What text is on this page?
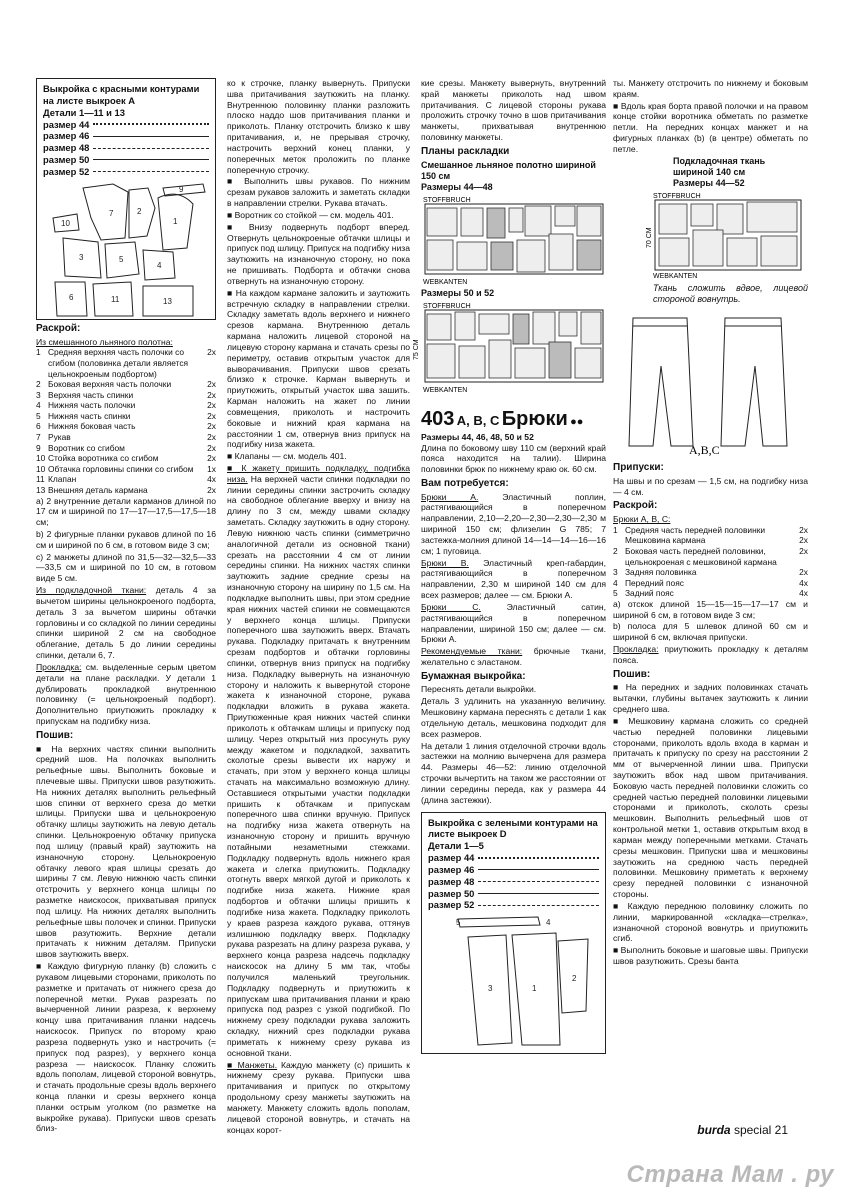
Выкройка с красными контурами на листе выкроек A
Детали 1—11 и 13
размер 44
размер 46
размер 48
размер 50
размер 52
7	2
1
3	5
4
10
6	11	13
9
Раскрой:
Из смешанного льняного полотна:
1	Средняя верхняя часть полочки со сгибом (половинка детали является цельнокроеным подбортом)	2x
2	Боковая верхняя часть полочки	2x
3	Верхняя часть спинки	2x
4	Нижняя часть полочки	2x
5	Нижняя часть спинки	2x
6	Нижняя боковая часть	2x
7	Рукав	2x
9	Воротник со сгибом	2x
10	Стойка воротника со сгибом	2x
10	Обтачка горловины спинки со сгибом	1x
11	Клапан	4x
13	Внешняя деталь кармана	2x

а) 2 внутренние детали карманов длиной по 17 см и шириной по 17—17—17,5—17,5—18 см;

b) 2 фигурные планки рукавов длиной по 16 см и шириной по 6 см, в готовом виде 3 см;

c) 2 манжеты длиной по 31,5—32—32,5—33—33,5 см и шириной по 10 см, в готовом виде 5 см.

Из подкладочной ткани: деталь 4 за вычетом ширины цельнокроеного подборта, деталь 3 за вычетом ширины обтачки горловины и со складкой по линии середины спинки шириной 2 см на свободное облегание, деталь 5 до линии середины спинки, детали 6, 7.

Прокладка: см. выделенные серым цветом детали на плане раскладки. У детали 1 дублировать прокладкой внутреннюю половинку (= цельнокроеный подборт). Дополнительно приутюжить прокладку к припускам на подгибку низа.

Пошив:

■ На верхних частях спинки выполнить средний шов. На полочках выполнить рельефные швы. Выполнить боковые и плечевые швы. Припуски швов разутюжить. На нижних деталях выполнить рельефный шов спинки от верхнего среза до метки шлицы. Припуски шва и цельнокроеную обтачку шлицы заутюжить на левую деталь спинки. Цельнокроеную обтачку припуска под шлицу (правый край) заутюжить на изнаночную сторону. Цельнокроеную обтачку левого края шлицы срезать до ширины 7 см. Левую нижнюю часть спинки отстрочить у верхнего конца шлицы по разметке наискосок, прихватывая припуск под шлицу. На нижних деталях выполнить рельефные швы полочек и спинки. Припуски швов разутюжить. Верхние детали притачать к нижним деталям. Припуски швов заутюжить вверх.

■ Каждую фигурную планку (b) сложить с рукавом лицевыми сторонами, приколоть по разметке и притачать от нижнего среза до поперечной метки. Рукав разрезать по вычерченной линии разреза, к верхнему концу шва притачивания планки надсечь наискосок. Припуск по второму краю разреза подвернуть узко и настрочить (= припуск под разрез), у верхнего конца разреза — наискосок. Планку сложить вдоль пополам, лицевой стороной вовнутрь, и стачать продольные срезы вдоль верхнего конца планки и срезы верхнего конца планки острым уголком (по разметке на выкройке рукава). Припуски швов срезать близ-

ко к строчке, планку вывернуть. Припуски шва притачивания заутюжить на планку. Внутреннюю половинку планки разложить плоско наддо шов притачивания планки и приколоть. Планку отстрочить близко к шву притачивания, и, не прерывая строчку, настрочить верхний конец планки, у поперечных меток проложить по планке поперечную строчку.

■ Выполнить швы рукавов. По нижним срезам рукавов заложить и заметать складки в направлении стрелки. Рукава втачать.

■ Воротник со стойкой — см. модель 401.

■ Внизу подвернуть подборт вперед. Отвернуть цельнокроеные обтачки шлицы и припуск под шлицу. Припуск на подгибку низа заутюжить на изнаночную сторону, но пока не пришивать. Подборта и обтачки снова отвернуть на изнаночную сторону.

■ На каждом кармане заложить и заутюжить встречную складку в направлении стрелки. Складку заметать вдоль верхнего и нижнего срезов кармана. Внутреннюю деталь кармана наложить лицевой стороной на лицевую сторону кармана и стачать срезы по периметру, оставив открытым участок для выворачивания. Припуски швов срезать близко к строчке. Карман вывернуть и приутюжить, открытый участок шва зашить. Карман наложить на жакет по линии совмещения, приколоть и настрочить боковые и нижний края кармана на расстоянии 1 см, отвернув вниз припуск на подгибку низа жакета.

■ Клапаны — см. модель 401.

■ К жакету пришить подкладку, подгибка низа. На верхней части спинки подкладки по линии середины спинки застрочить складку на свободное облегание вверху и внизу на длину по 3 см, между швами складку заметать. Складку заутюжить в одну сторону. Левую нижнюю часть спинки (симметрично аналогичной детали из основной ткани) срезать на расстоянии 4 см от линии середины спинки. На нижних частях спинки заутюжить задние средние срезы на изнаночную сторону на ширину по 1,5 см. На подкладке выполнить швы, при этом средние края нижних частей спинки не совмещаются у верхнего конца шлицы. Припуски поперечного шва заутюжить вверх. Втачать рукава. Подкладку притачать к внутренним срезам подбортов и обтачки горловины спинки, отвернув вниз припуск на подгибку низа. Подкладку вывернуть на изнаночную сторону и наложить к вывернутой стороне жакета к изнаночной стороне, рукава подкладки вложить в рукава жакета. Приутюженные края нижних частей спинки приколоть к обтачкам шлицы и припуску под шлицу. Через открытый низ просунуть руку между жакетом и подкладкой, захватить сколотые срезы вывести их наружу и стачать, при этом у верхнего конца шлицы стачать на максимально возможную длину. Оставшиеся открытыми участки подкладки пришить к обтачкам и припускам поперечного шва спинки вручную. Припуск на подгибку низа жакета отвернуть на изнаночную сторону и пришить вручную потайными незаметными стежками. Подкладку подвернуть вдоль нижнего края жакета и слегка приутюжить. Подкладку отогнуть вверх мягкой дугой и приколоть к подгибке низа жакета. Нижние края подбортов и обтачки шлицы пришить к подгибке низа жакета. Подкладку приколоть у краев разреза каждого рукава, оттянув излишнюю подкладку вверх. Подкладку рукава разрезать на длину разреза рукава, у верхнего конца разреза надсечь подкладку наискосок на длину 5 мм так, чтобы получился маленький треугольник. Подкладку подвернуть и приутюжить к припускам шва притачивания планки и краю припуска под разрез с узкой подгибкой. По нижнему срезу подкладки рукава заложить складку, нижний срез подкладки рукава приметать к нижнему срезу рукава из основной ткани.

■ Манжеты. Каждую манжету (c) пришить к нижнему срезу рукава. Припуски шва притачивания и припуск по открытому продольному срезу манжеты заутюжить на манжету. Манжету сложить вдоль пополам, лицевой стороной вовнутрь, и стачать на концах корот-

кие срезы. Манжету вывернуть, внутренний край манжеты приколоть над швом притачивания. С лицевой стороны рукава проложить строчку точно в шов притачивания манжеты, прихватывая внутреннюю половинку манжеты.

Планы раскладки
Смешанное льняное полотно шириной 150 см
Размеры 44—48
STOFFBRUCH
WEBKANTEN
Размеры 50 и 52
STOFFBRUCH
WEBKANTEN
75 CM
403 A, B, C Брюки ●●
Размеры 44, 46, 48, 50 и 52

Длина по боковому шву 110 см (верхний край пояса находится на талии). Ширина половинки брюк по нижнему краю ок. 60 см.

Вам потребуется:

Брюки A. Эластичный поплин, растягивающийся в поперечном направлении, 2,10—2,20—2,30—2,30—2,30 м шириной 150 см; флизелин G 785; 7 застежка-молния длиной 14—14—14—16—16 см; 1 пуговица.

Брюки B. Эластичный креп-габардин, растягивающийся в поперечном направлении, 2,30 м шириной 140 см для всех размеров; далее — см. Брюки A.

Брюки C. Эластичный сатин, растягивающийся в поперечном направлении, шириной 150 см; далее — см. Брюки A.

Рекомендуемые ткани: брючные ткани, желательно с эластаном.

Бумажная выкройка:

Переснять детали выкройки.

Деталь 3 удлинить на указанную величину. Мешковину кармана переснять с детали 1 как отдельную деталь, мешковина подходит для всех размеров.

На детали 1 линия отделочной строчки вдоль застежки на молнию вычерчена для размера 44. Размеры 46—52: линию отделочной строчки вычертить на таком же расстоянии от линии середины переда, как у размера 44 (длина застежки).

Выкройка с зелеными контурами на листе выкроек D
Детали 1—5
размер 44
размер 46
размер 48
размер 50
размер 52
5
3	1
2
4

ты. Манжету отстрочить по нижнему и боковым краям.

■ Вдоль края борта правой полочки и на правом конце стойки воротника обметать по разметке петли. На передних концах манжет и на фигурных планках (b) (в центре) обметать по петле.

Подкладочная ткань шириной 140 см
Размеры 44—52
STOFFBRUCH
WEBKANTEN
70 CM

Ткань сложить вдвое, лицевой стороной вовнутрь.

A,B,C
Припуски:

На швы и по срезам — 1,5 см, на подгибку низа — 4 см.

Раскрой:
Брюки A, B, C:
1	Средняя часть передней половинки	2x
	Мешковина кармана	2x
2	Боковая часть передней половинки, цельнокроеная с мешковиной кармана	2x
3	Задняя половинка	2x
4	Передний пояс	4x
5	Задний пояс	4x

а) отскок длиной 15—15—15—17—17 см и шириной 6 см, в готовом виде 3 см;

b) полоса для 5 шлевок длиной 60 см и шириной 6 см, включая припуски.

Прокладка: приутюжить прокладку к деталям пояса.

Пошив:

■ На передних и задних половинках стачать вытачки, глубины вытачек заутюжить к линии среднего шва.

■ Мешковину кармана сложить со средней частью передней половинки лицевыми сторонами, приколоть вдоль входа в карман и притачать к припуску по срезу на расстоянии 2 мм от вычерченной линии шва. Припуски заутюжить вбок над швом притачивания. Боковую часть передней половинки сложить со средней частью передней половинки лицевыми сторонами и приколоть, сколоть срезы мешковин. Выполнить рельефный шов от контрольной метки 1, оставив открытым вход в карман между поперечными метками. Стачать срезы мешковин. Припуски шва и мешковины заутюжить на среднюю часть передней половинки. Мешковину приметать к верхнему срезу передней половинки с изнаночной стороны.

■ Каждую переднюю половинку сложить по линии, маркированной «складка—стрелка», изнаночной стороной вовнутрь и приутюжить сгиб.

■ Выполнить боковые и шаговые швы. Припуски швов разутюжить. Срезы банта

burda special 21
Страна Мам . ру
